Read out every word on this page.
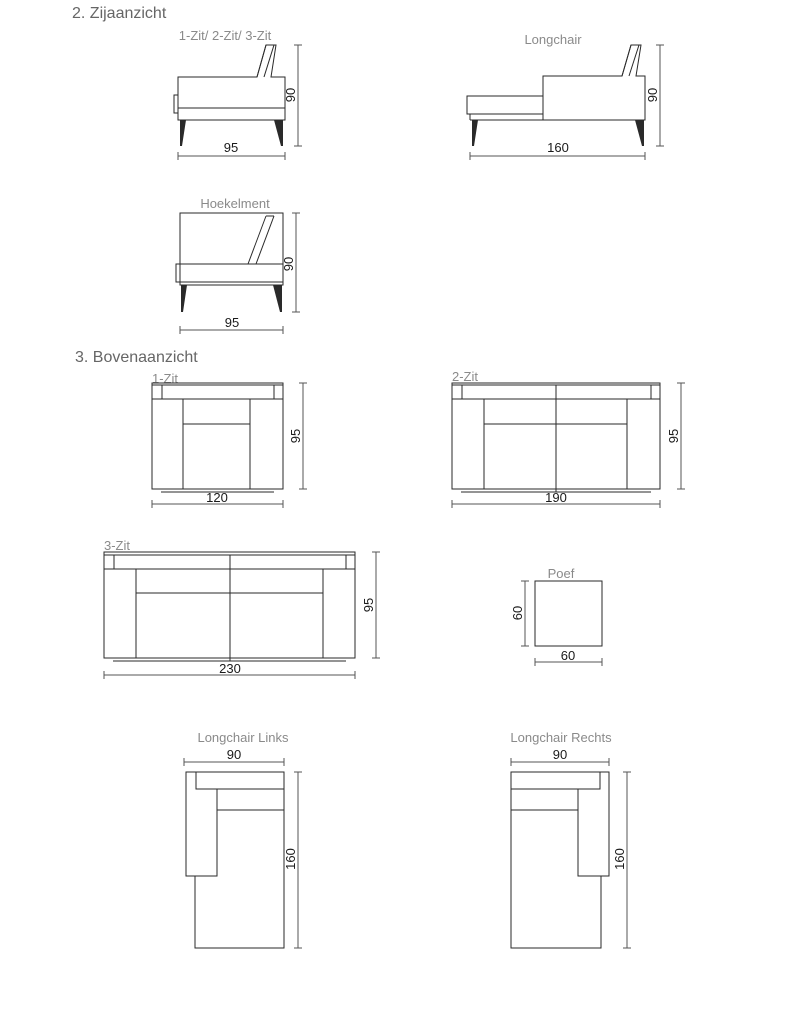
2. Zijaanzicht
1-Zit/ 2-Zit/ 3-Zit
95
90
Longchair
160
90
Hoekelment
95
90
3. Bovenaanzicht
1-Zit
120
95
2-Zit
190
95
3-Zit
230
95
Poef
60
60
Longchair Links
90
160
Longchair Rechts
90
160
